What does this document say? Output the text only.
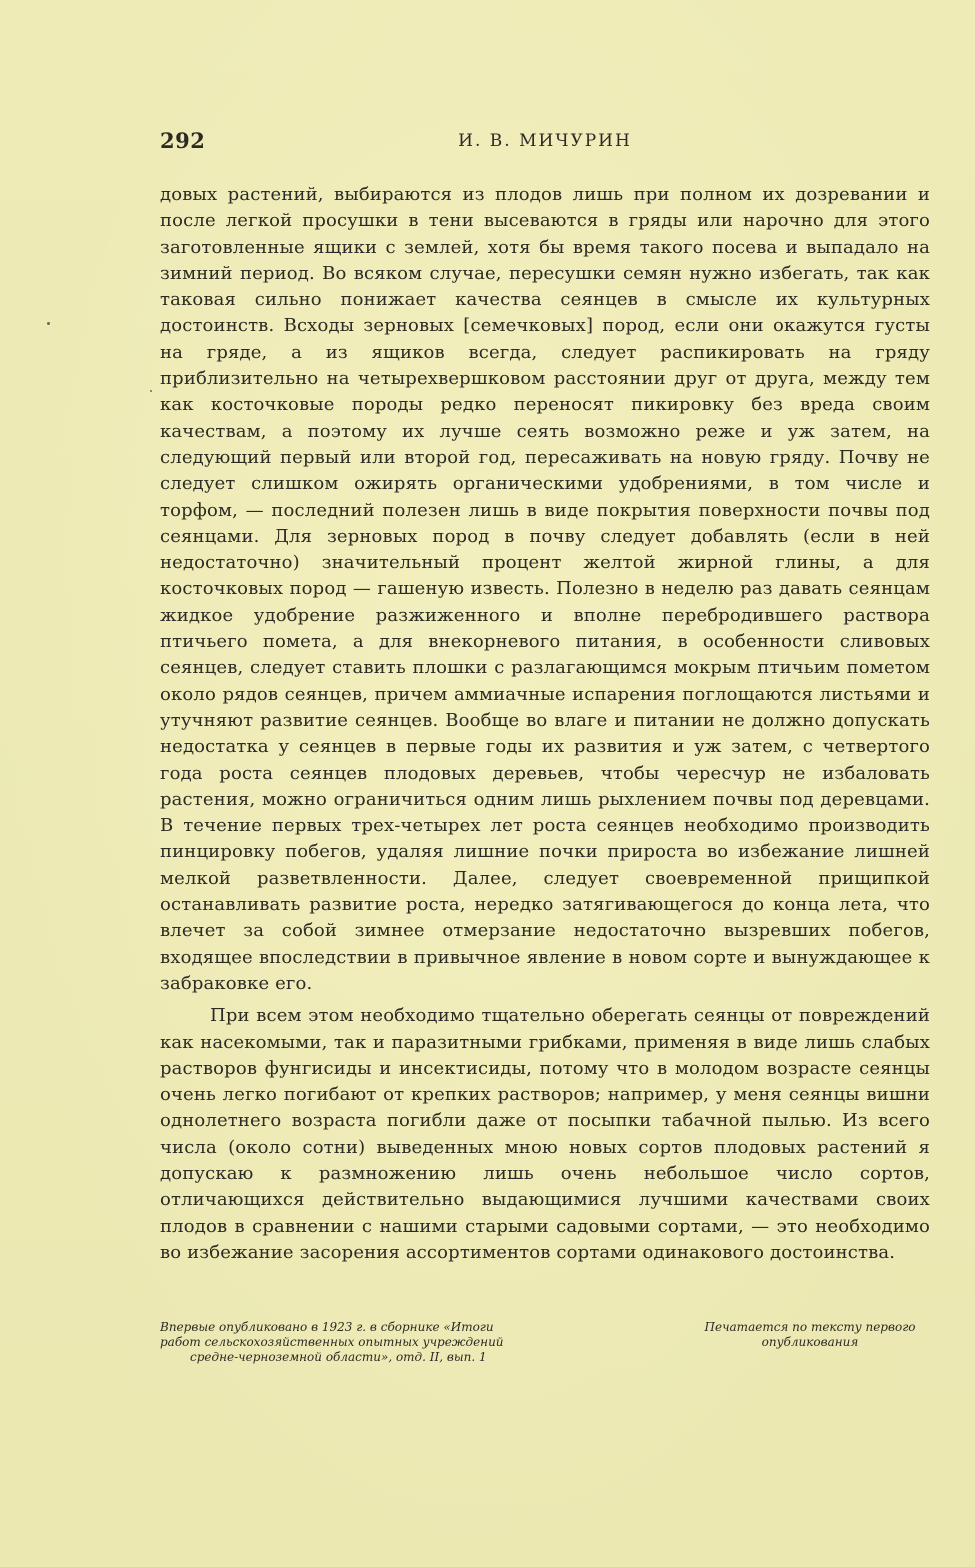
292	И. В. МИЧУРИН

довых растений, выбираются из плодов лишь при полном их дозревании и после легкой просушки в тени высеваются в гряды или нарочно для этого заготовленные ящики с землей, хотя бы время такого посева и выпадало на зимний период. Во всяком случае, пересушки семян нужно избегать, так как таковая сильно понижает качества сеянцев в смысле их культурных достоинств. Всходы зерновых [семечковых] пород, если они окажутся густы на гряде, а из ящиков всегда, следует распикировать на гряду приблизительно на четырехвершковом расстоянии друг от друга, между тем как косточковые породы редко переносят пикировку без вреда своим качествам, а поэтому их лучше сеять возможно реже и уж затем, на следующий первый или второй год, пересаживать на новую гряду. Почву не следует слишком ожирять органическими удобрениями, в том числе и торфом, — последний полезен лишь в виде покрытия поверхности почвы под сеянцами. Для зерновых пород в почву следует добавлять (если в ней недостаточно) значительный процент желтой жирной глины, а для косточковых пород — гашеную известь. Полезно в неделю раз давать сеянцам жидкое удобрение разжиженного и вполне перебродившего раствора птичьего помета, а для внекорневого питания, в особенности сливовых сеянцев, следует ставить плошки с разлагающимся мокрым птичьим пометом около рядов сеянцев, причем аммиачные испарения поглощаются листьями и утучняют развитие сеянцев. Вообще во влаге и питании не должно допускать недостатка у сеянцев в первые годы их развития и уж затем, с четвертого года роста сеянцев плодовых деревьев, чтобы чересчур не избаловать растения, можно ограничиться одним лишь рыхлением почвы под деревцами. В течение первых трех-четырех лет роста сеянцев необходимо производить пинцировку побегов, удаляя лишние почки прироста во избежание лишней мелкой разветвленности. Далее, следует своевременной прищипкой останавливать развитие роста, нередко затягивающегося до конца лета, что влечет за собой зимнее отмерзание недостаточно вызревших побегов, входящее впоследствии в привычное явление в новом сорте и вынуждающее к забраковке его.

При всем этом необходимо тщательно оберегать сеянцы от повреждений как насекомыми, так и паразитными грибками, применяя в виде лишь слабых растворов фунгисиды и инсектисиды, потому что в молодом возрасте сеянцы очень легко погибают от крепких растворов; например, у меня сеянцы вишни однолетнего возраста погибли даже от посыпки табачной пылью. Из всего числа (около сотни) выведенных мною новых сортов плодовых растений я допускаю к размножению лишь очень небольшое число сортов, отличающихся действительно выдающимися лучшими качествами своих плодов в сравнении с нашими старыми садовыми сортами, — это необходимо во избежание засорения ассортиментов сортами одинакового достоинства.

Впервые опубликовано в 1923 г. в сборнике «Итоги
работ сельскохозяйственных опытных учреждений
средне-черноземной области», отд. II, вып. 1
Печатается по тексту первого
опубликования
